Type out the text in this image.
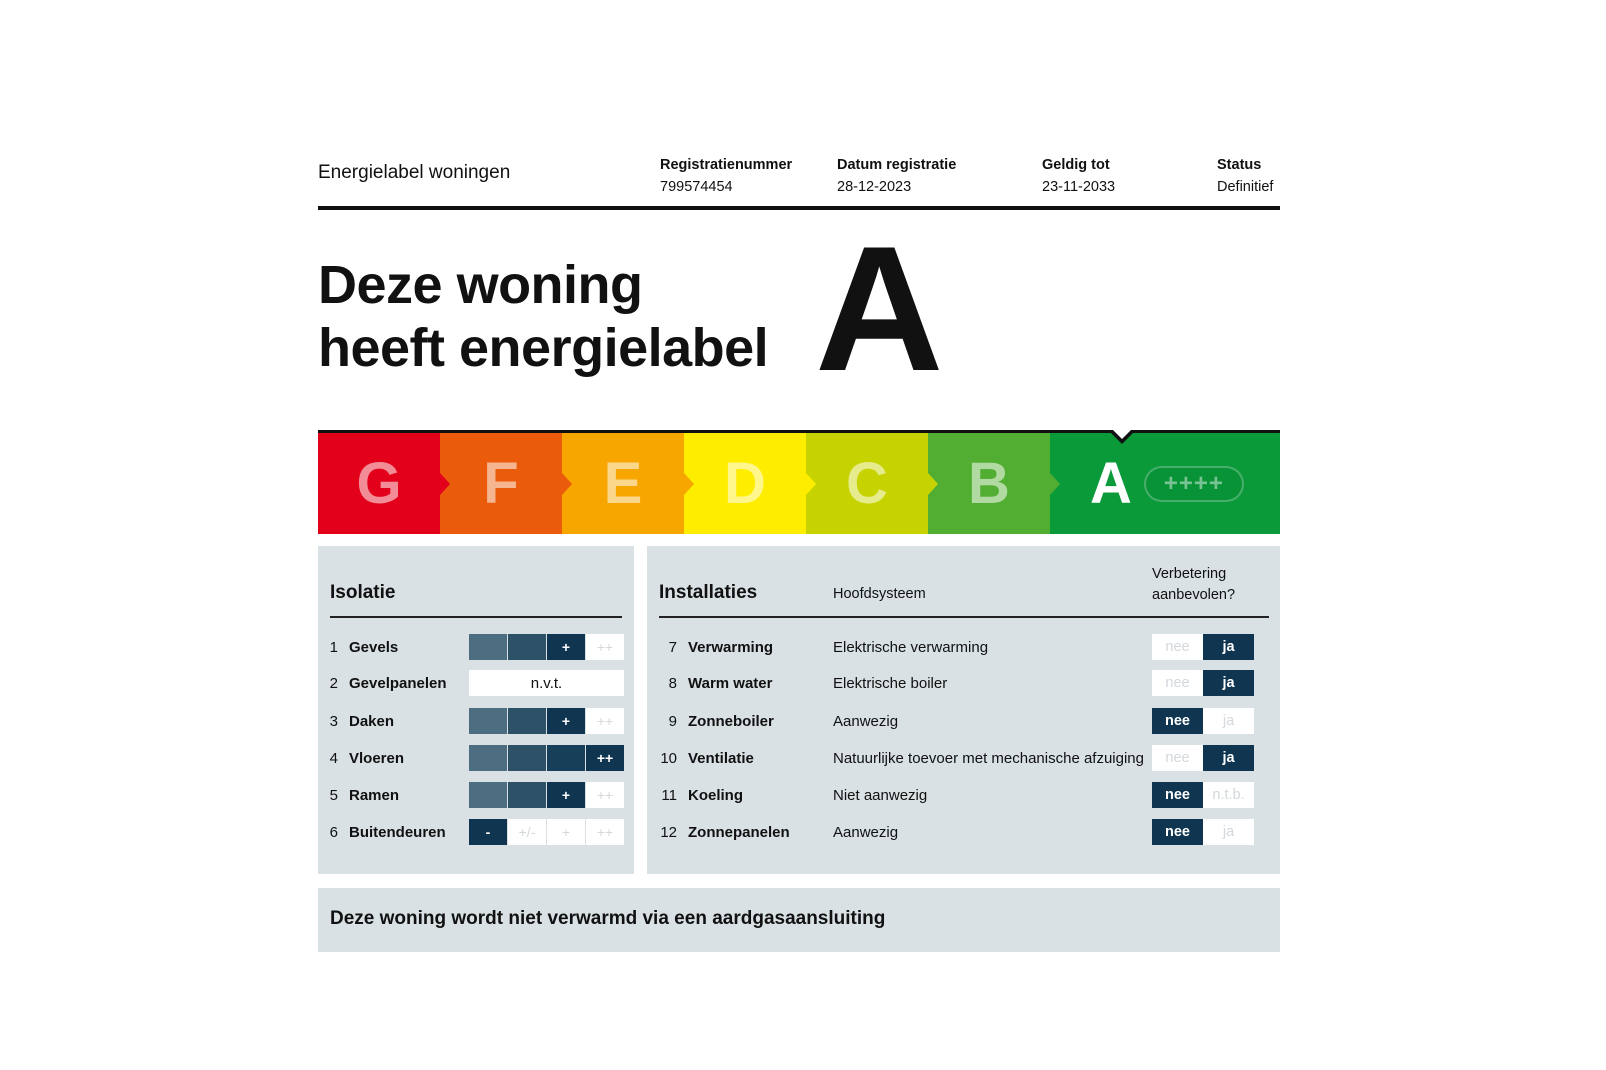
Energielabel woningen	Registratienummer
799574454
Datum registratie
28-12-2023
Geldig tot
23-11-2033
Status
Definitief
Deze woning
heeft energielabel A
G F E D C B A	++++
Isolatie
1 Gevels	+	++
2 Gevelpanelen	n.v.t.
3 Daken	+	++
4 Vloeren	++
5 Ramen	+	++
6 Buitendeuren	-	+/-	+	++
Installaties	Hoofdsysteem
Verbetering
aanbevolen?
7 Verwarming	Elektrische verwarming	nee	ja
8 Warm water	Elektrische boiler	nee	ja
9 Zonneboiler	Aanwezig	nee	ja
10 Ventilatie	Natuurlijke toevoer met mechanische afzuiging	nee	ja
11 Koeling	Niet aanwezig	nee	n.t.b.
12 Zonnepanelen	Aanwezig	nee	ja
Deze woning wordt niet verwarmd via een aardgasaansluiting
